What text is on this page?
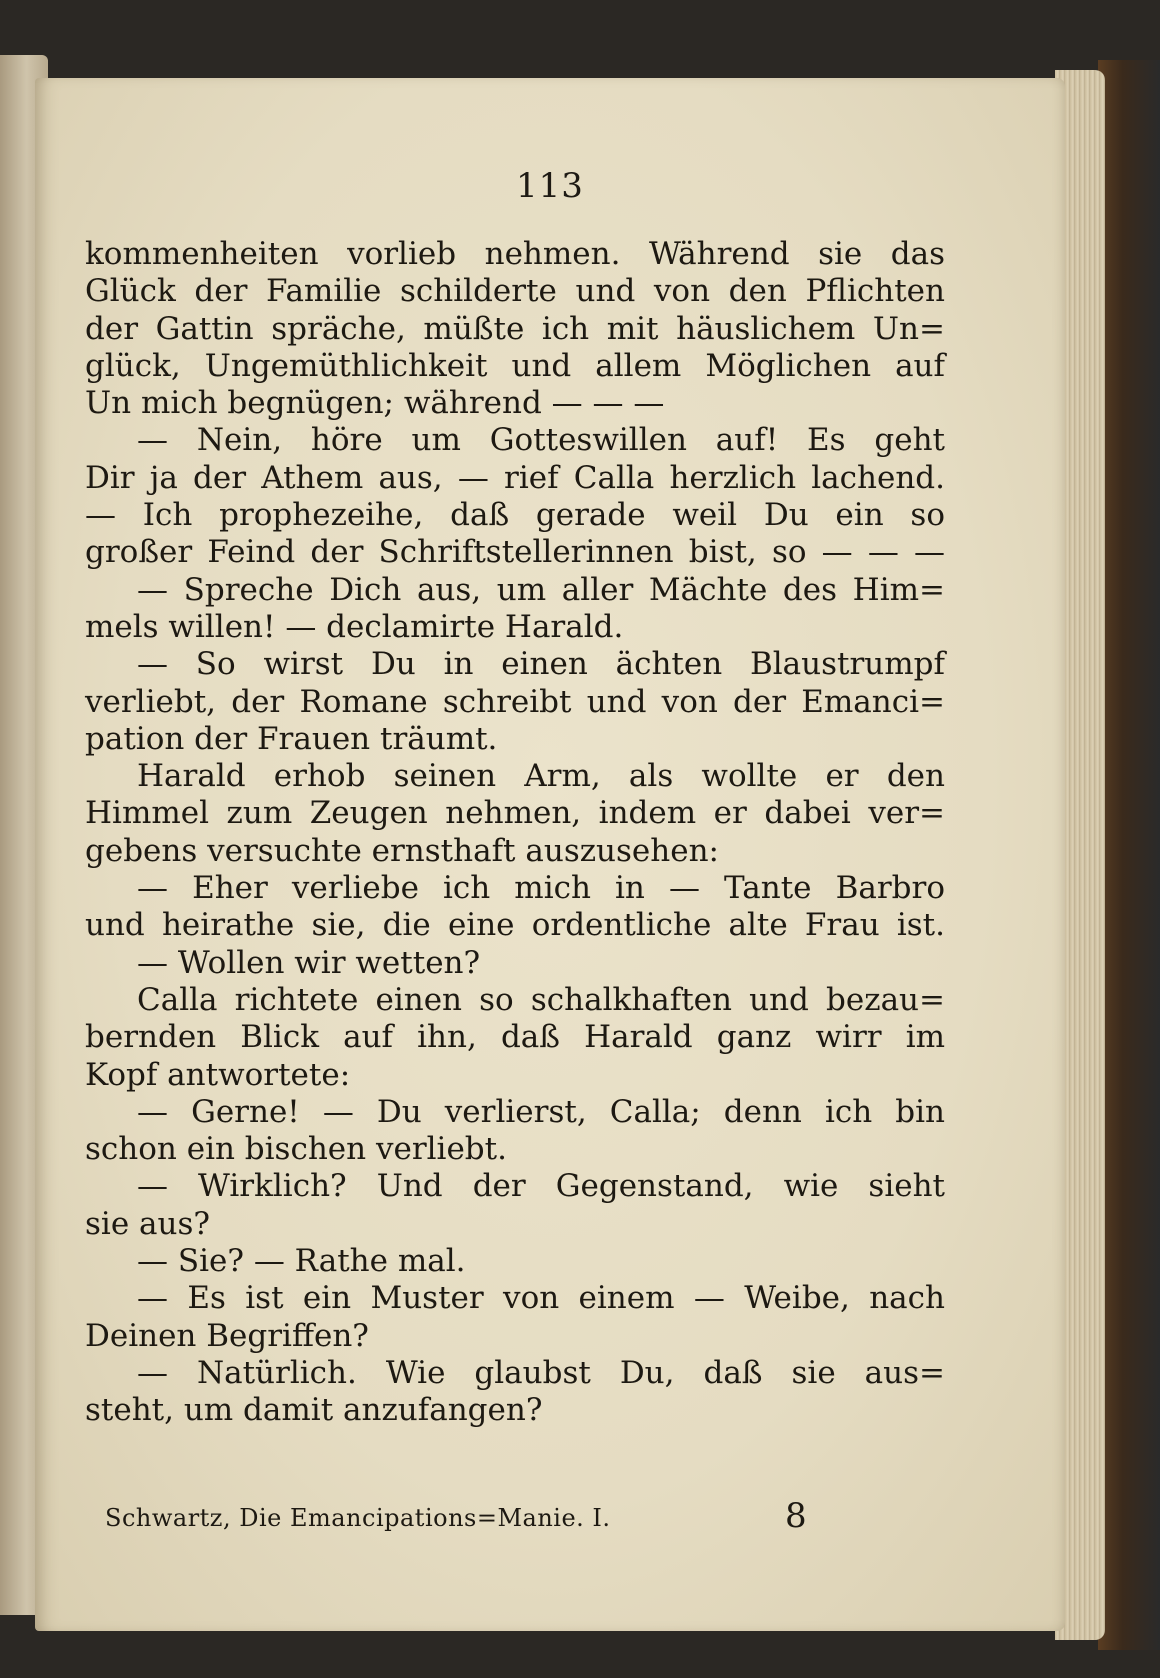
113
kommenheiten vorlieb nehmen. Während sie das
Glück der Familie schilderte und von den Pflichten
der Gattin spräche, müßte ich mit häuslichem Un=
glück, Ungemüthlichkeit und allem Möglichen auf
Un mich begnügen; während — — —
— Nein, höre um Gotteswillen auf! Es geht
Dir ja der Athem aus, — rief Calla herzlich lachend.
— Ich prophezeihe, daß gerade weil Du ein so
großer Feind der Schriftstellerinnen bist, so — — —
— Spreche Dich aus, um aller Mächte des Him=
mels willen! — declamirte Harald.
— So wirst Du in einen ächten Blaustrumpf
verliebt, der Romane schreibt und von der Emanci=
pation der Frauen träumt.
Harald erhob seinen Arm, als wollte er den
Himmel zum Zeugen nehmen, indem er dabei ver=
gebens versuchte ernsthaft auszusehen:
— Eher verliebe ich mich in — Tante Barbro
und heirathe sie, die eine ordentliche alte Frau ist.
— Wollen wir wetten?
Calla richtete einen so schalkhaften und bezau=
bernden Blick auf ihn, daß Harald ganz wirr im
Kopf antwortete:
— Gerne! — Du verlierst, Calla; denn ich bin
schon ein bischen verliebt.
— Wirklich? Und der Gegenstand, wie sieht
sie aus?
— Sie? — Rathe mal.
— Es ist ein Muster von einem — Weibe, nach
Deinen Begriffen?
— Natürlich. Wie glaubst Du, daß sie aus=
steht, um damit anzufangen?
Schwartz, Die Emancipations=Manie. I.	8
